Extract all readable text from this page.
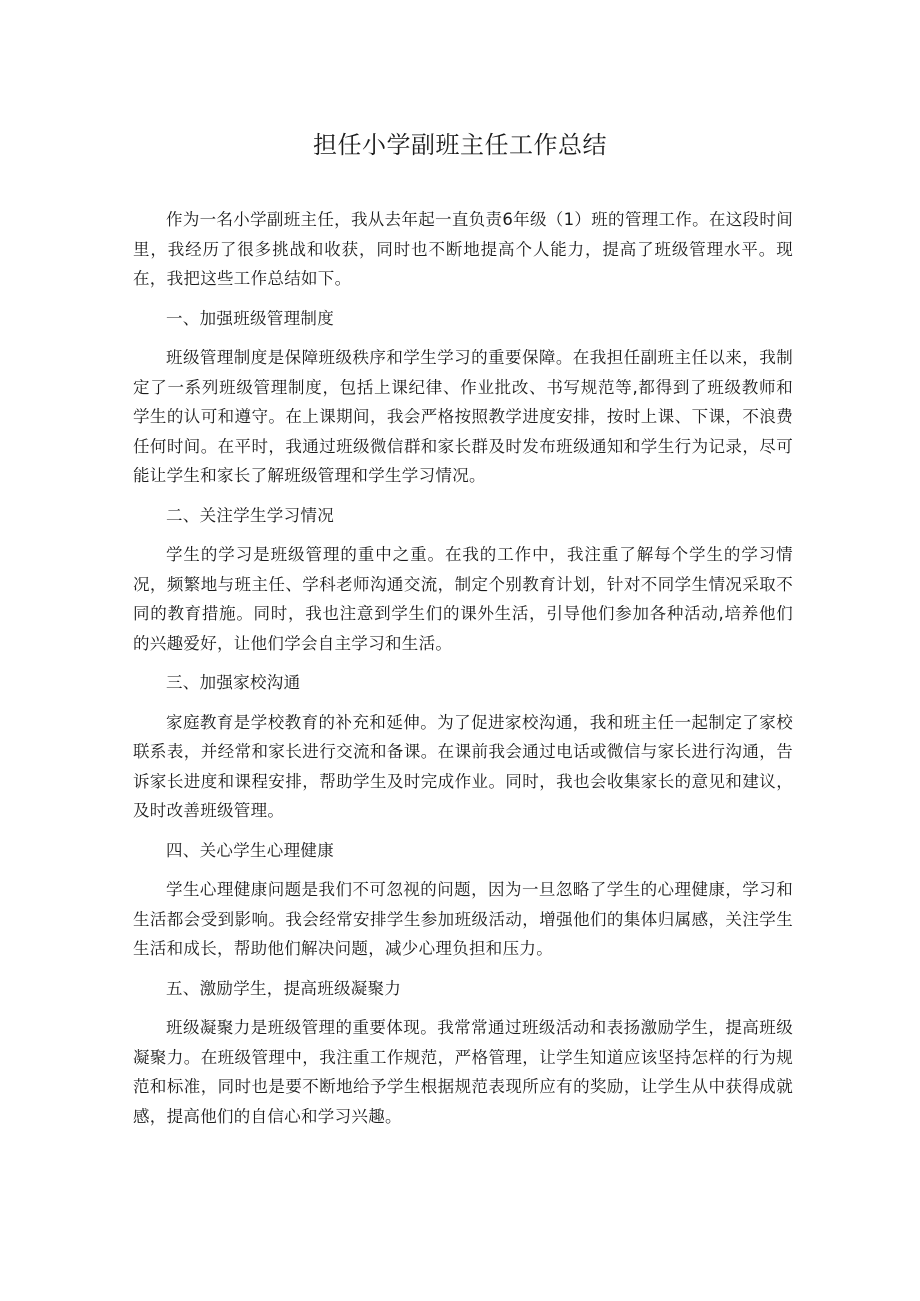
担任小学副班主任工作总结

作为一名小学副班主任，我从去年起一直负责6年级（1）班的管理工作。在这段时间里，我经历了很多挑战和收获，同时也不断地提高个人能力，提高了班级管理水平。现在，我把这些工作总结如下。

一、加强班级管理制度

班级管理制度是保障班级秩序和学生学习的重要保障。在我担任副班主任以来，我制定了一系列班级管理制度，包括上课纪律、作业批改、书写规范等,都得到了班级教师和学生的认可和遵守。在上课期间，我会严格按照教学进度安排，按时上课、下课，不浪费任何时间。在平时，我通过班级微信群和家长群及时发布班级通知和学生行为记录，尽可能让学生和家长了解班级管理和学生学习情况。

二、关注学生学习情况

学生的学习是班级管理的重中之重。在我的工作中，我注重了解每个学生的学习情况，频繁地与班主任、学科老师沟通交流，制定个别教育计划，针对不同学生情况采取不同的教育措施。同时，我也注意到学生们的课外生活，引导他们参加各种活动,培养他们的兴趣爱好，让他们学会自主学习和生活。

三、加强家校沟通

家庭教育是学校教育的补充和延伸。为了促进家校沟通，我和班主任一起制定了家校联系表，并经常和家长进行交流和备课。在课前我会通过电话或微信与家长进行沟通，告诉家长进度和课程安排，帮助学生及时完成作业。同时，我也会收集家长的意见和建议，及时改善班级管理。

四、关心学生心理健康

学生心理健康问题是我们不可忽视的问题，因为一旦忽略了学生的心理健康，学习和生活都会受到影响。我会经常安排学生参加班级活动，增强他们的集体归属感，关注学生生活和成长，帮助他们解决问题，减少心理负担和压力。

五、激励学生，提高班级凝聚力

班级凝聚力是班级管理的重要体现。我常常通过班级活动和表扬激励学生，提高班级凝聚力。在班级管理中，我注重工作规范，严格管理，让学生知道应该坚持怎样的行为规范和标准，同时也是要不断地给予学生根据规范表现所应有的奖励，让学生从中获得成就感，提高他们的自信心和学习兴趣。
